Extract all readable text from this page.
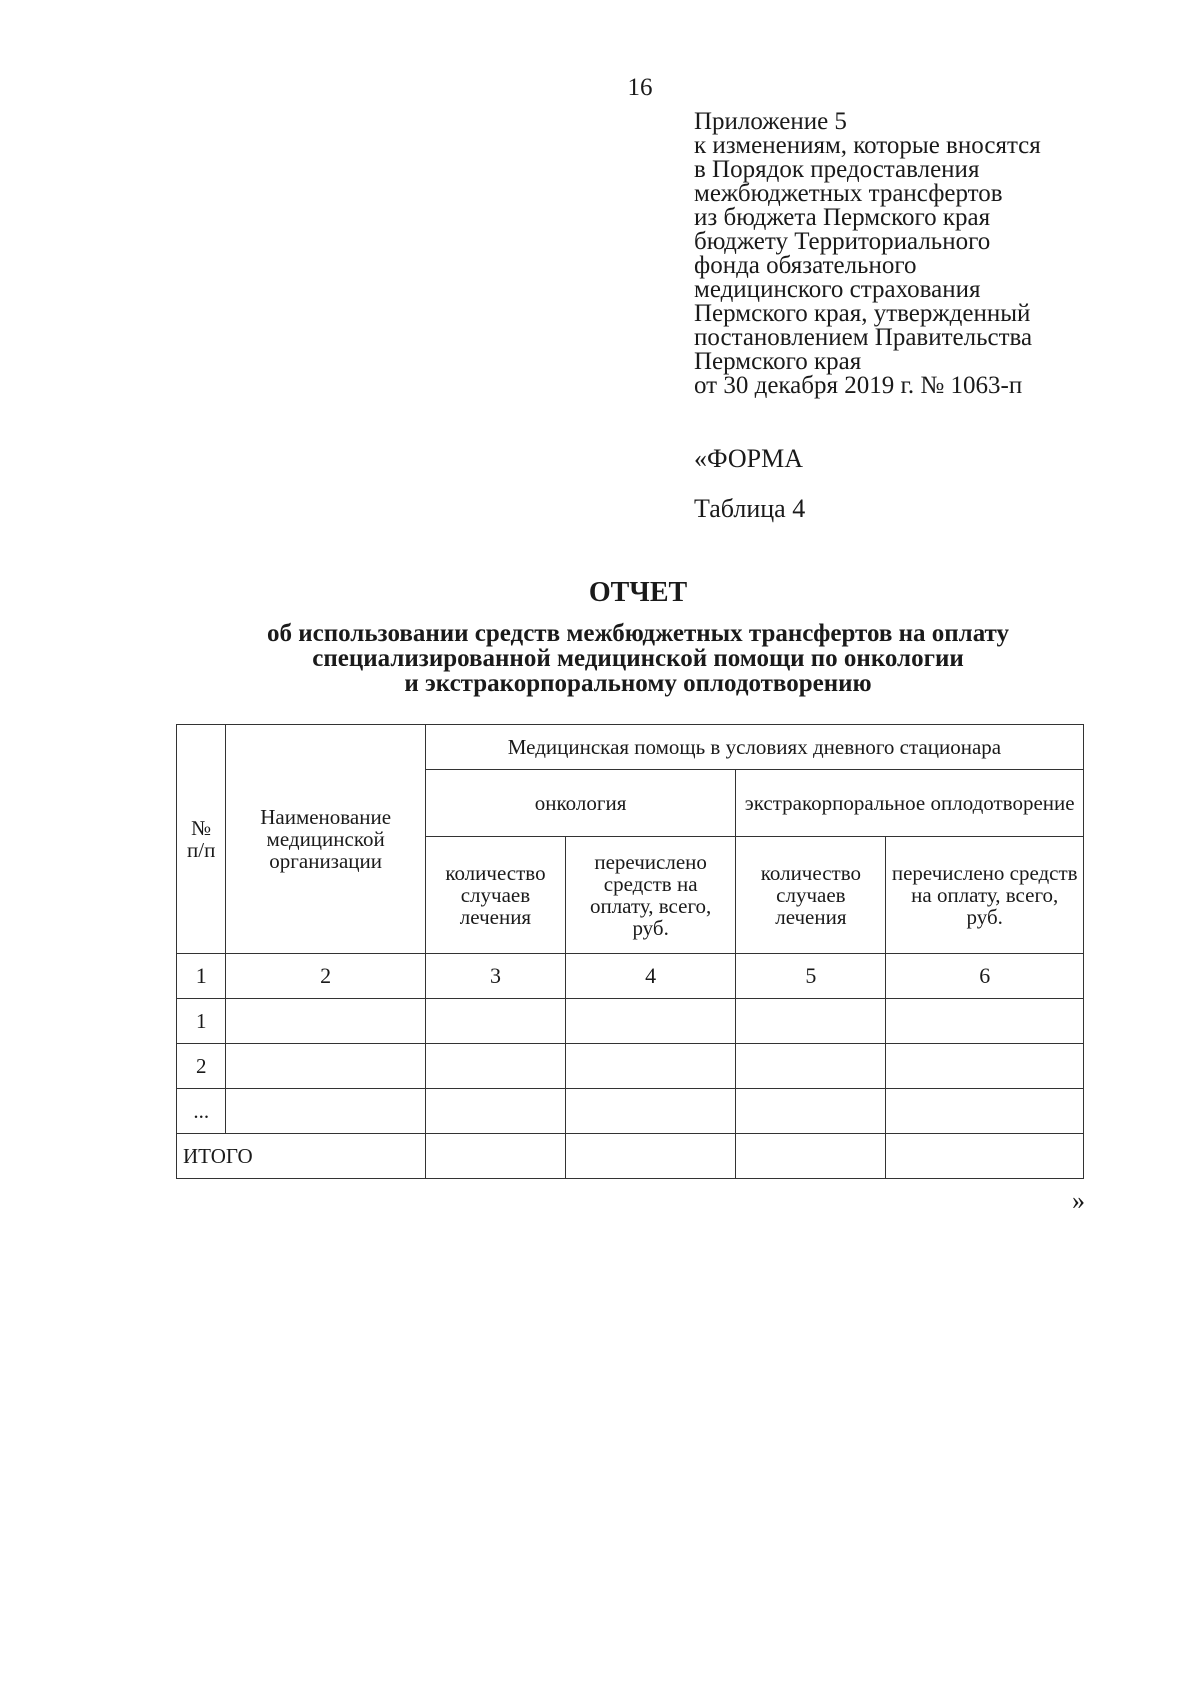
16
Приложение 5
к изменениям, которые вносятся
в Порядок предоставления
межбюджетных трансфертов
из бюджета Пермского края
бюджету Территориального
фонда обязательного
медицинского страхования
Пермского края, утвержденный
постановлением Правительства
Пермского края
от 30 декабря 2019 г. № 1063-п
«ФОРМА
Таблица 4
ОТЧЕТ
об использовании средств межбюджетных трансфертов на оплату
специализированной медицинской помощи по онкологии
и экстракорпоральному оплодотворению
№ п/п	Наименование медицинской организации	Медицинская помощь в условиях дневного стационара			
		онкология		экстракорпоральное оплодотворение	
		количество случаев лечения	перечислено средств на оплату, всего, руб.	количество случаев лечения	перечислено средств на оплату, всего, руб.
1	2	3	4	5	6
1					
2					
...					
ИТОГО					
»
